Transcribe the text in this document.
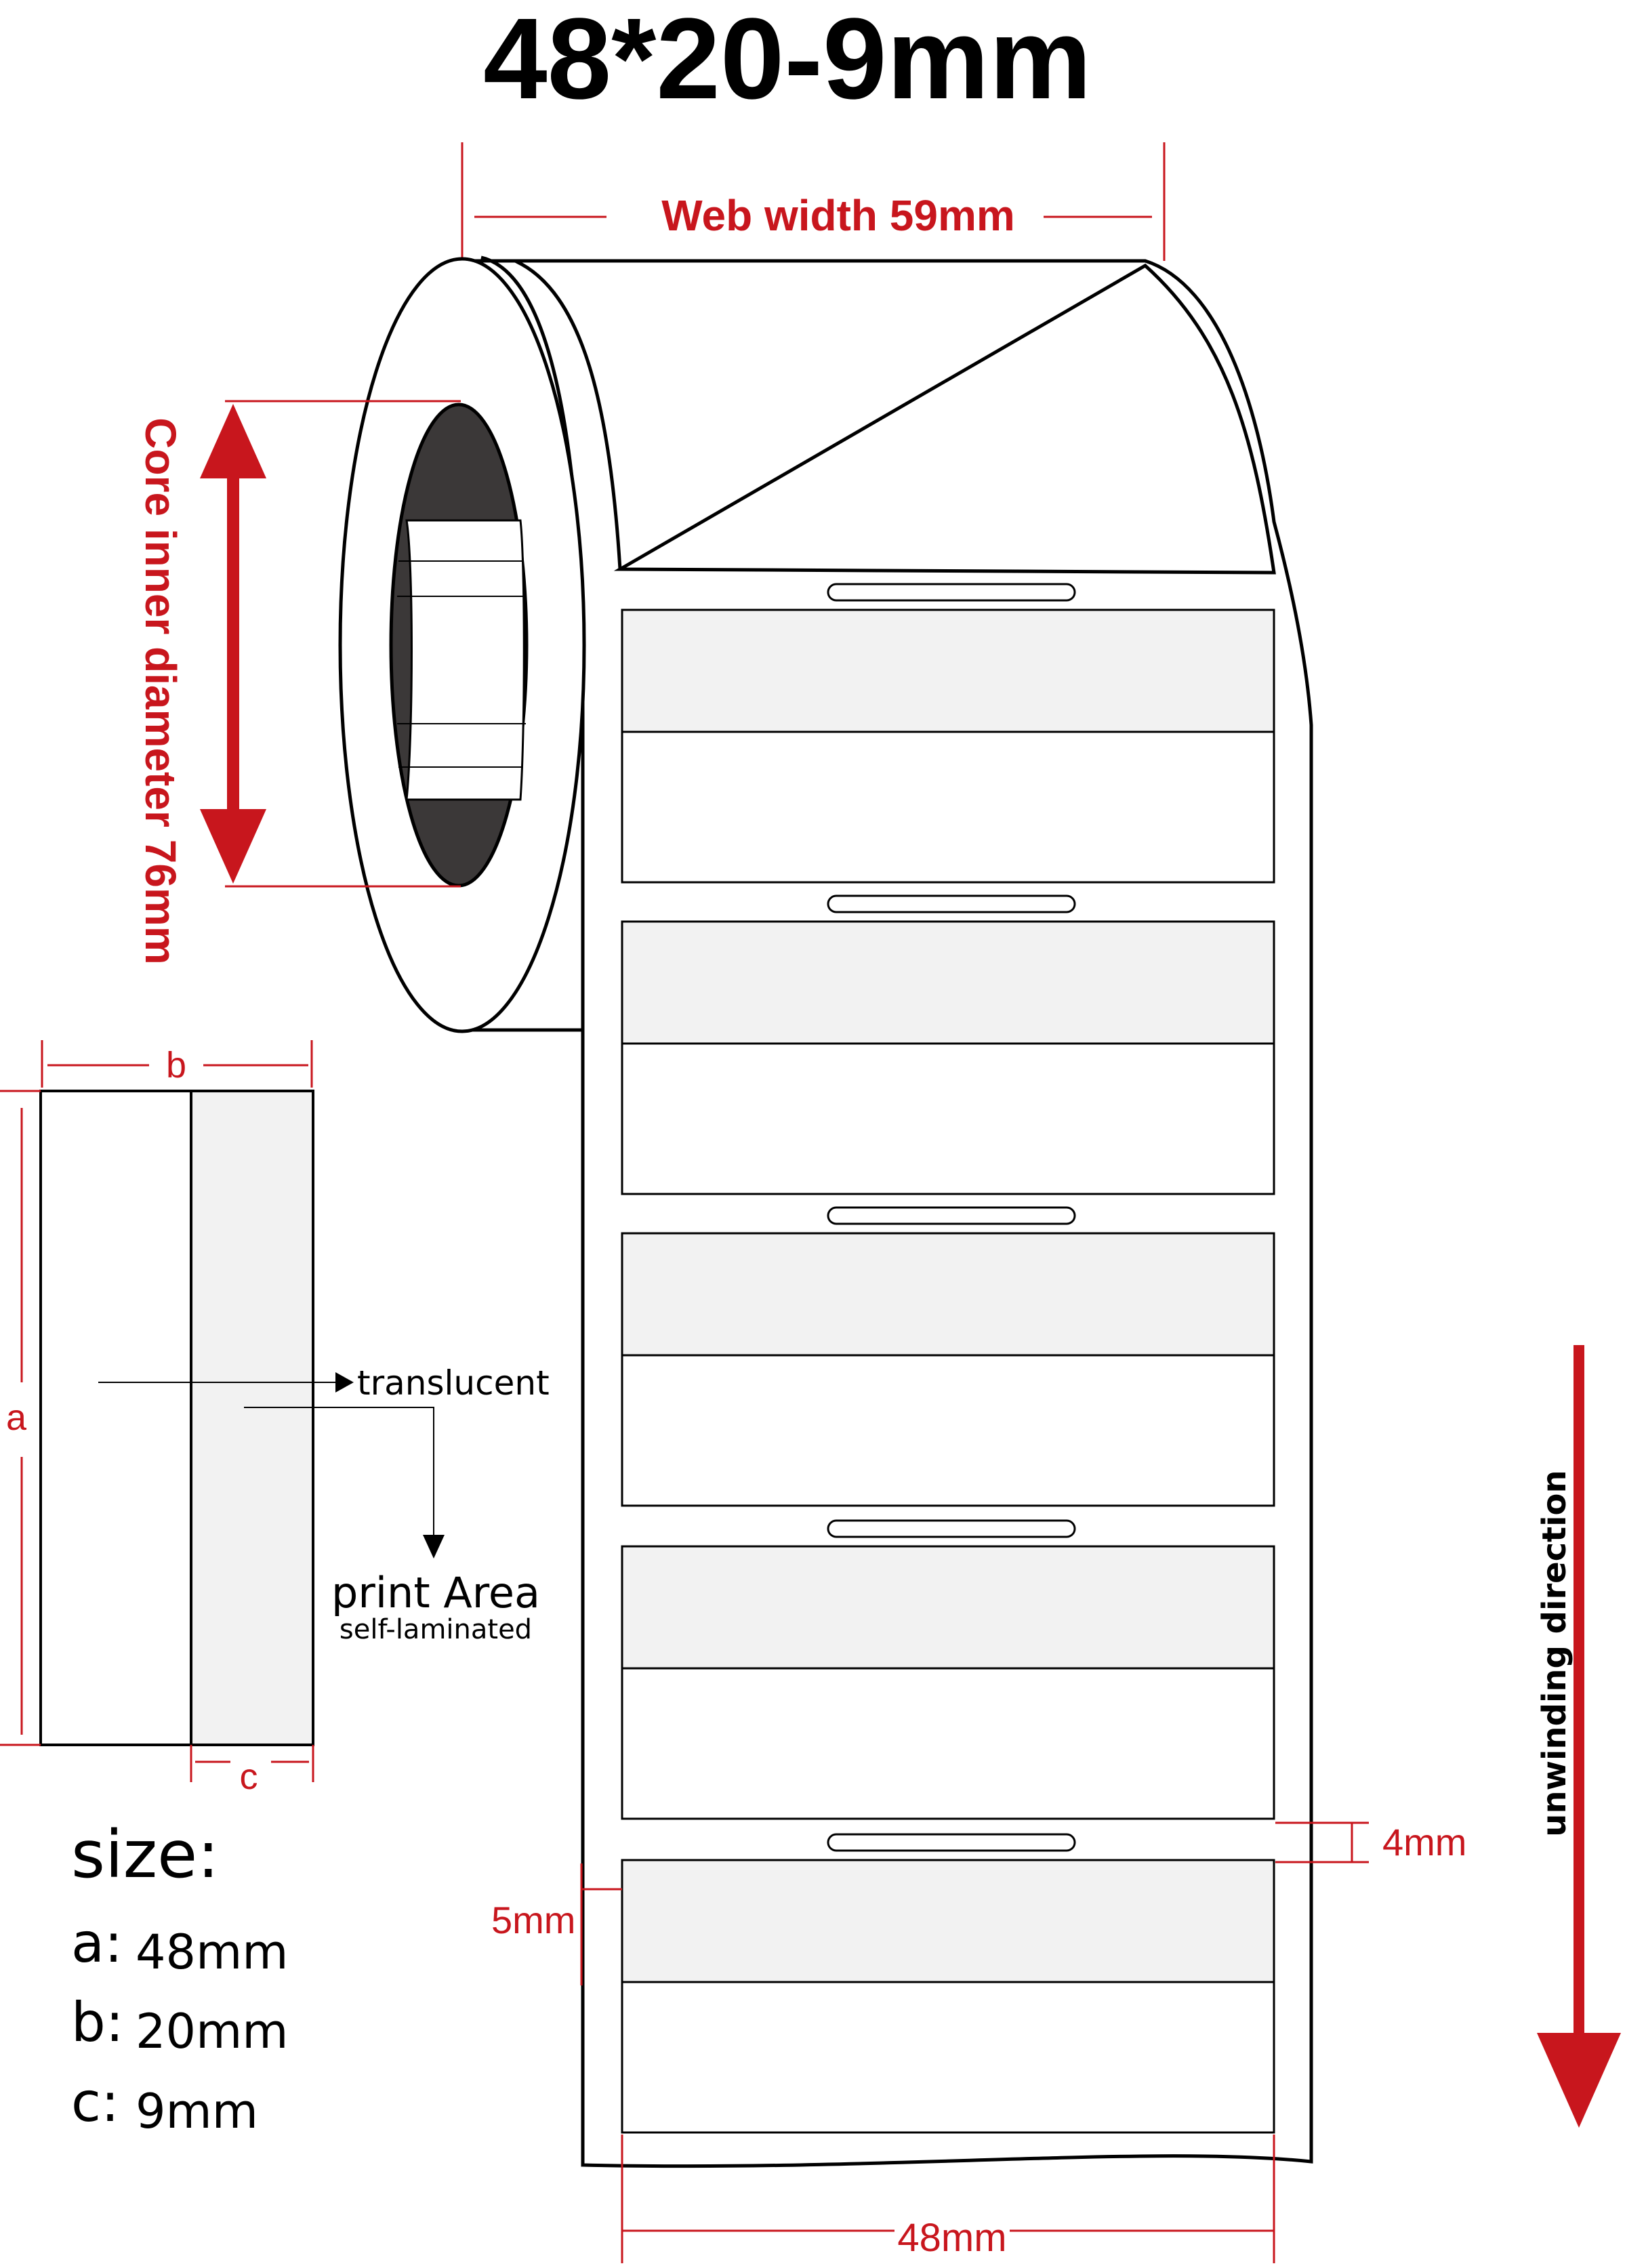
48*20-9mm
Web width 59mm
Core inner diameter 76mm
4mm
5mm
48mm
unwinding direction
b
a
c
translucent
print Area
self-laminated
size:
a: 48mm
b: 20mm
c: 9mm
